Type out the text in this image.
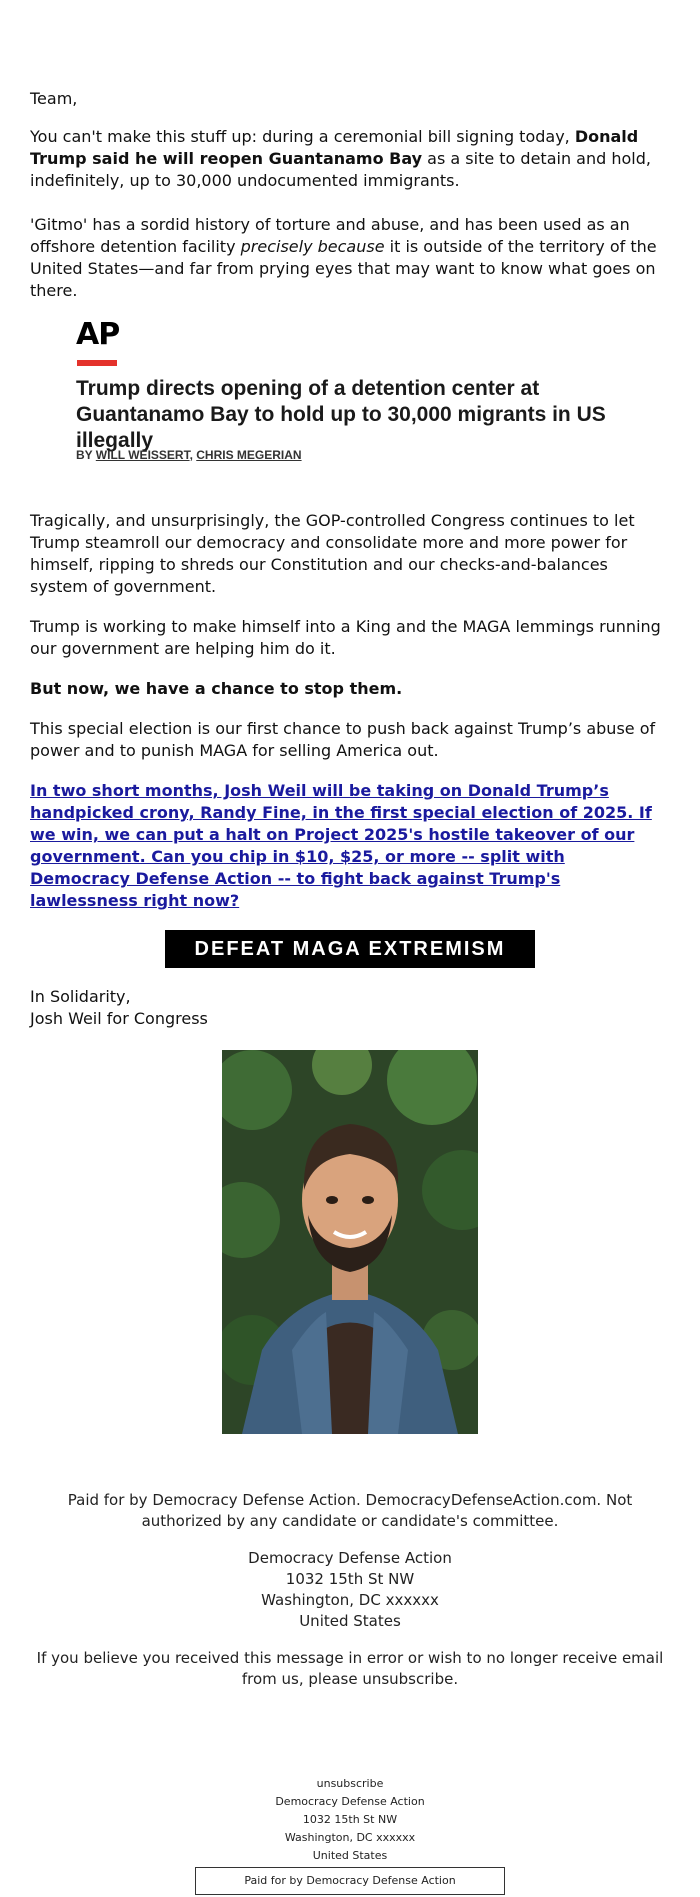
Team,

You can't make this stuff up: during a ceremonial bill signing today, Donald Trump said he will reopen Guantanamo Bay as a site to detain and hold, indefinitely, up to 30,000 undocumented immigrants.

'Gitmo' has a sordid history of torture and abuse, and has been used as an offshore detention facility precisely because it is outside of the territory of the United States—and far from prying eyes that may want to know what goes on there.

AP
Trump directs opening of a detention center at Guantanamo Bay to hold up to 30,000 migrants in US illegally
BY WILL WEISSERT, CHRIS MEGERIAN

Tragically, and unsurprisingly, the GOP-controlled Congress continues to let Trump steamroll our democracy and consolidate more and more power for himself, ripping to shreds our Constitution and our checks-and-balances system of government.

Trump is working to make himself into a King and the MAGA lemmings running our government are helping him do it.

But now, we have a chance to stop them.

This special election is our first chance to push back against Trump’s abuse of power and to punish MAGA for selling America out.

In two short months, Josh Weil will be taking on Donald Trump’s handpicked crony, Randy Fine, in the first special election of 2025. If we win, we can put a halt on Project 2025's hostile takeover of our government. Can you chip in $10, $25, or more -- split with Democracy Defense Action -- to fight back against Trump's lawlessness right now?
DEFEAT MAGA EXTREMISM
In Solidarity,
Josh Weil for Congress

Paid for by Democracy Defense Action. DemocracyDefenseAction.com. Not authorized by any candidate or candidate's committee.

Democracy Defense Action
1032 15th St NW
Washington, DC xxxxxx
United States

If you believe you received this message in error or wish to no longer receive email from us, please unsubscribe.

unsubscribe
Democracy Defense Action
1032 15th St NW
Washington, DC xxxxxx
United States
Paid for by Democracy Defense Action
